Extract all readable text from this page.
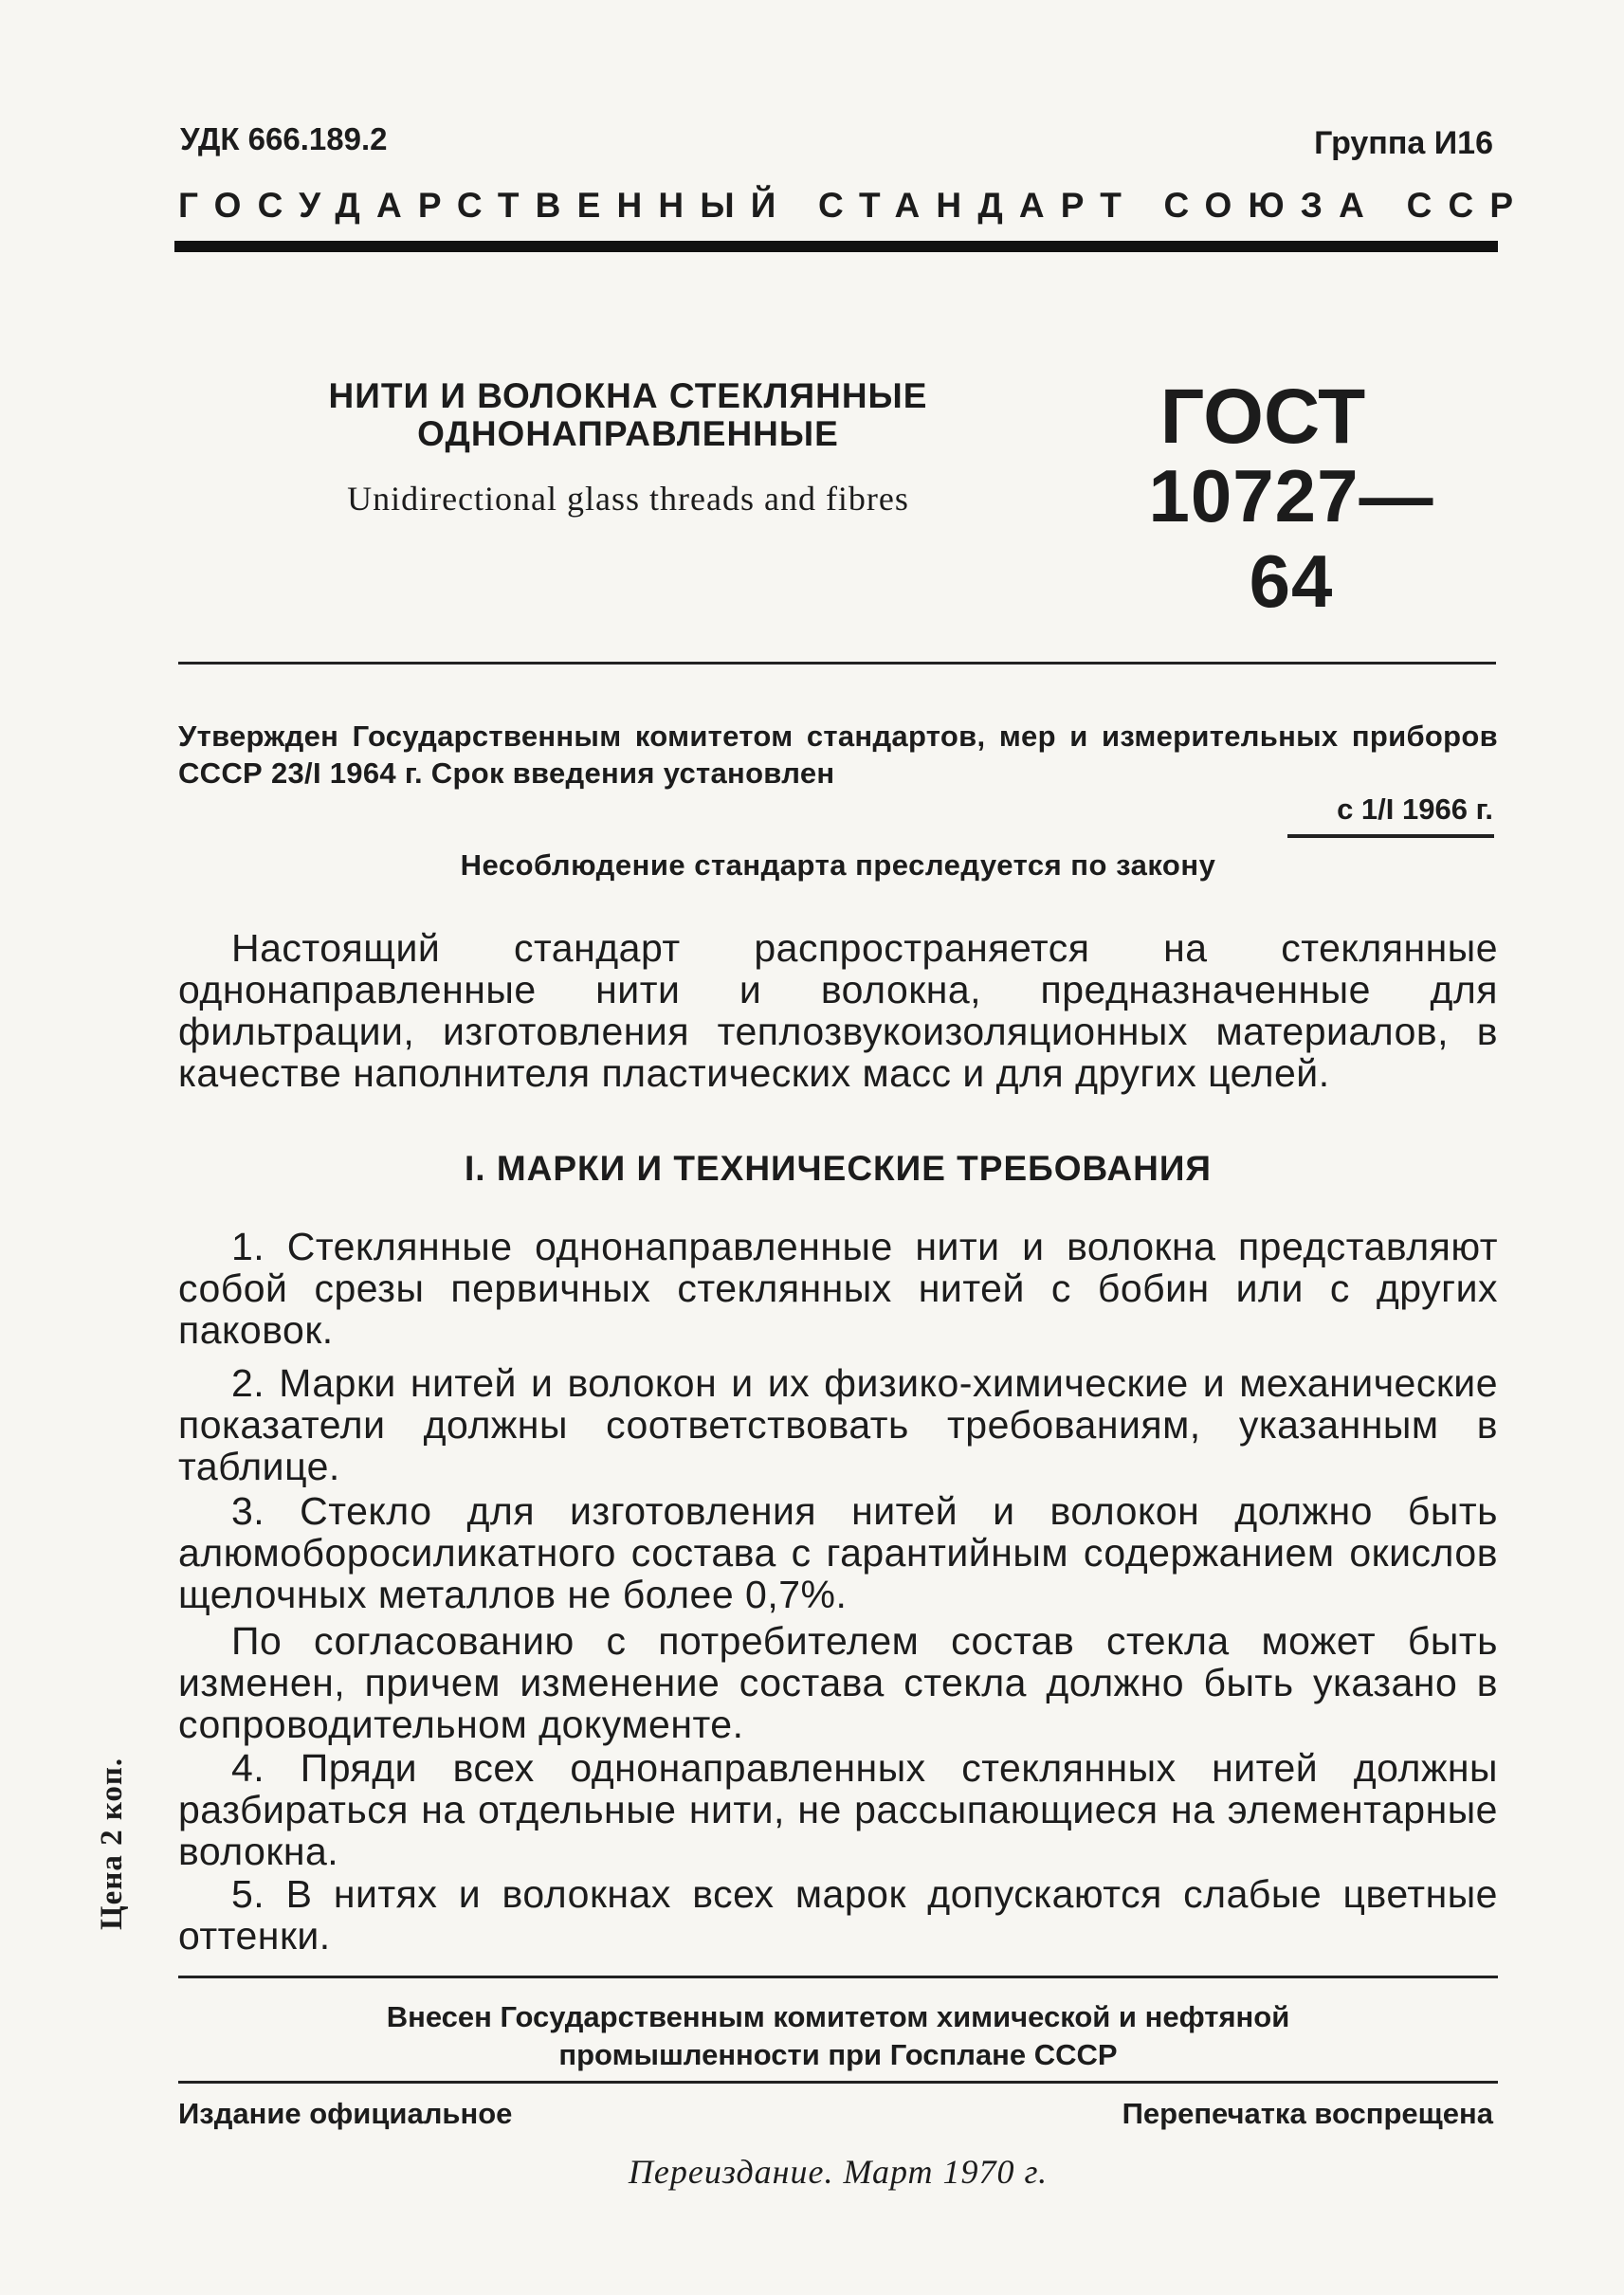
УДК 666.189.2	Группа И16
ГОСУДАРСТВЕННЫЙ СТАНДАРТ СОЮЗА ССР
НИТИ И ВОЛОКНА СТЕКЛЯННЫЕ
ОДНОНАПРАВЛЕННЫЕ
Unidirectional glass threads and fibres
ГОСТ
10727—64
Утвержден Государственным комитетом стандартов, мер и измерительных приборов СССР 23/I 1964 г. Срок введения установлен
с 1/I 1966 г.
Несоблюдение стандарта преследуется по закону
Настоящий стандарт распространяется на стеклянные однонаправленные нити и волокна, предназначенные для фильтрации, изготовления теплозвукоизоляционных материалов, в качестве наполнителя пластических масс и для других целей.
I. МАРКИ И ТЕХНИЧЕСКИЕ ТРЕБОВАНИЯ
1. Стеклянные однонаправленные нити и волокна представляют собой срезы первичных стеклянных нитей с бобин или с других паковок.
2. Марки нитей и волокон и их физико-химические и механические показатели должны соответствовать требованиям, указанным в таблице.
3. Стекло для изготовления нитей и волокон должно быть алюмоборосиликатного состава с гарантийным содержанием окислов щелочных металлов не более 0,7%.
По согласованию с потребителем состав стекла может быть изменен, причем изменение состава стекла должно быть указано в сопроводительном документе.
4. Пряди всех однонаправленных стеклянных нитей должны разбираться на отдельные нити, не рассыпающиеся на элементарные волокна.
5. В нитях и волокнах всех марок допускаются слабые цветные оттенки.
Цена 2 коп.
Внесен Государственным комитетом химической и нефтяной
промышленности при Госплане СССР
Издание официальное	Перепечатка воспрещена
Переиздание. Март 1970 г.
